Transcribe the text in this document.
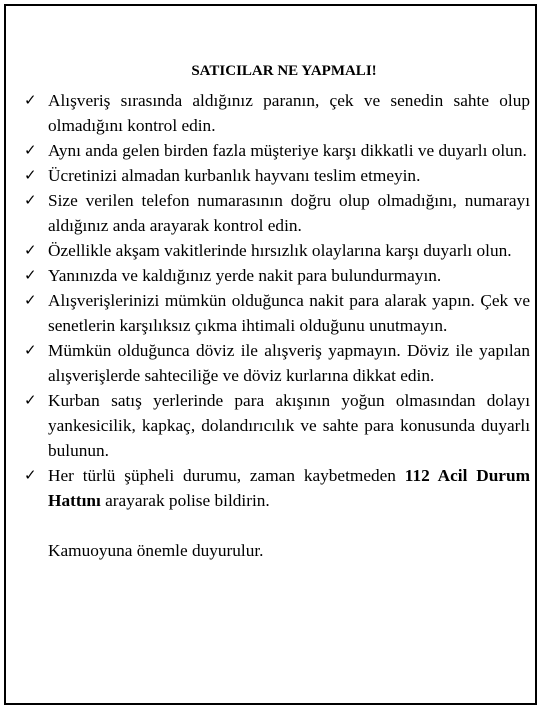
SATICILAR NE YAPMALI!
✓ Alışveriş sırasında aldığınız paranın, çek ve senedin sahte olup olmadığını kontrol edin.
✓ Aynı anda gelen birden fazla müşteriye karşı dikkatli ve duyarlı olun.
✓ Ücretinizi almadan kurbanlık hayvanı teslim etmeyin.
✓ Size verilen telefon numarasının doğru olup olmadığını, numarayı aldığınız anda arayarak kontrol edin.
✓ Özellikle akşam vakitlerinde hırsızlık olaylarına karşı duyarlı olun.
✓ Yanınızda ve kaldığınız yerde nakit para bulundurmayın.
✓ Alışverişlerinizi mümkün olduğunca nakit para alarak yapın. Çek ve senetlerin karşılıksız çıkma ihtimali olduğunu unutmayın.
✓ Mümkün olduğunca döviz ile alışveriş yapmayın. Döviz ile yapılan alışverişlerde sahteciliğe ve döviz kurlarına dikkat edin.
✓ Kurban satış yerlerinde para akışının yoğun olmasından dolayı yankesicilik, kapkaç, dolandırıcılık ve sahte para konusunda duyarlı bulunun.
✓ Her türlü şüpheli durumu, zaman kaybetmeden 112 Acil Durum Hattını arayarak polise bildirin.
Kamuoyuna önemle duyurulur.
